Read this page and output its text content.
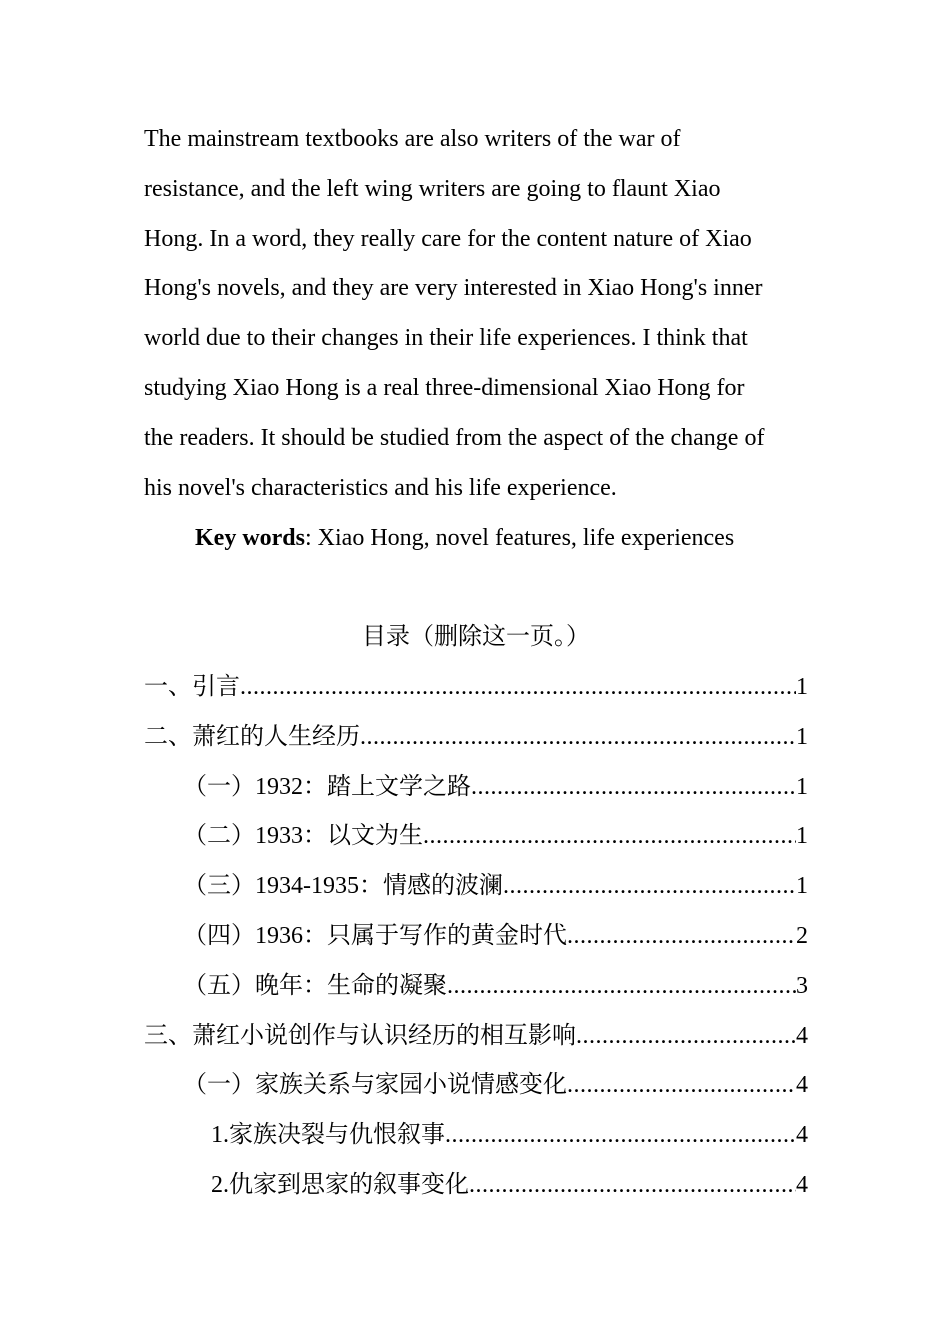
The mainstream textbooks are also writers of the war of
resistance, and the left wing writers are going to flaunt Xiao
Hong. In a word, they really care for the content nature of Xiao
Hong's novels, and they are very interested in Xiao Hong's inner
world due to their changes in their life experiences. I think that
studying Xiao Hong is a real three-dimensional Xiao Hong for
the readers. It should be studied from the aspect of the change of
his novel's characteristics and his life experience.
Key words: Xiao Hong, novel features, life experiences
目录（删除这一页。）
一、引言 .....	1
二、萧红的人生经历 .....	1
（一）1932：踏上文学之路 .....	1
（二）1933：以文为生 .....	1
（三）1934-1935：情感的波澜 .....	1
（四）1936：只属于写作的黄金时代 .....	2
（五）晚年：生命的凝聚 .....	3
三、萧红小说创作与认识经历的相互影响 .....	4
（一）家族关系与家园小说情感变化 .....	4
1.家族决裂与仇恨叙事 .....	4
2.仇家到思家的叙事变化 .....	4
